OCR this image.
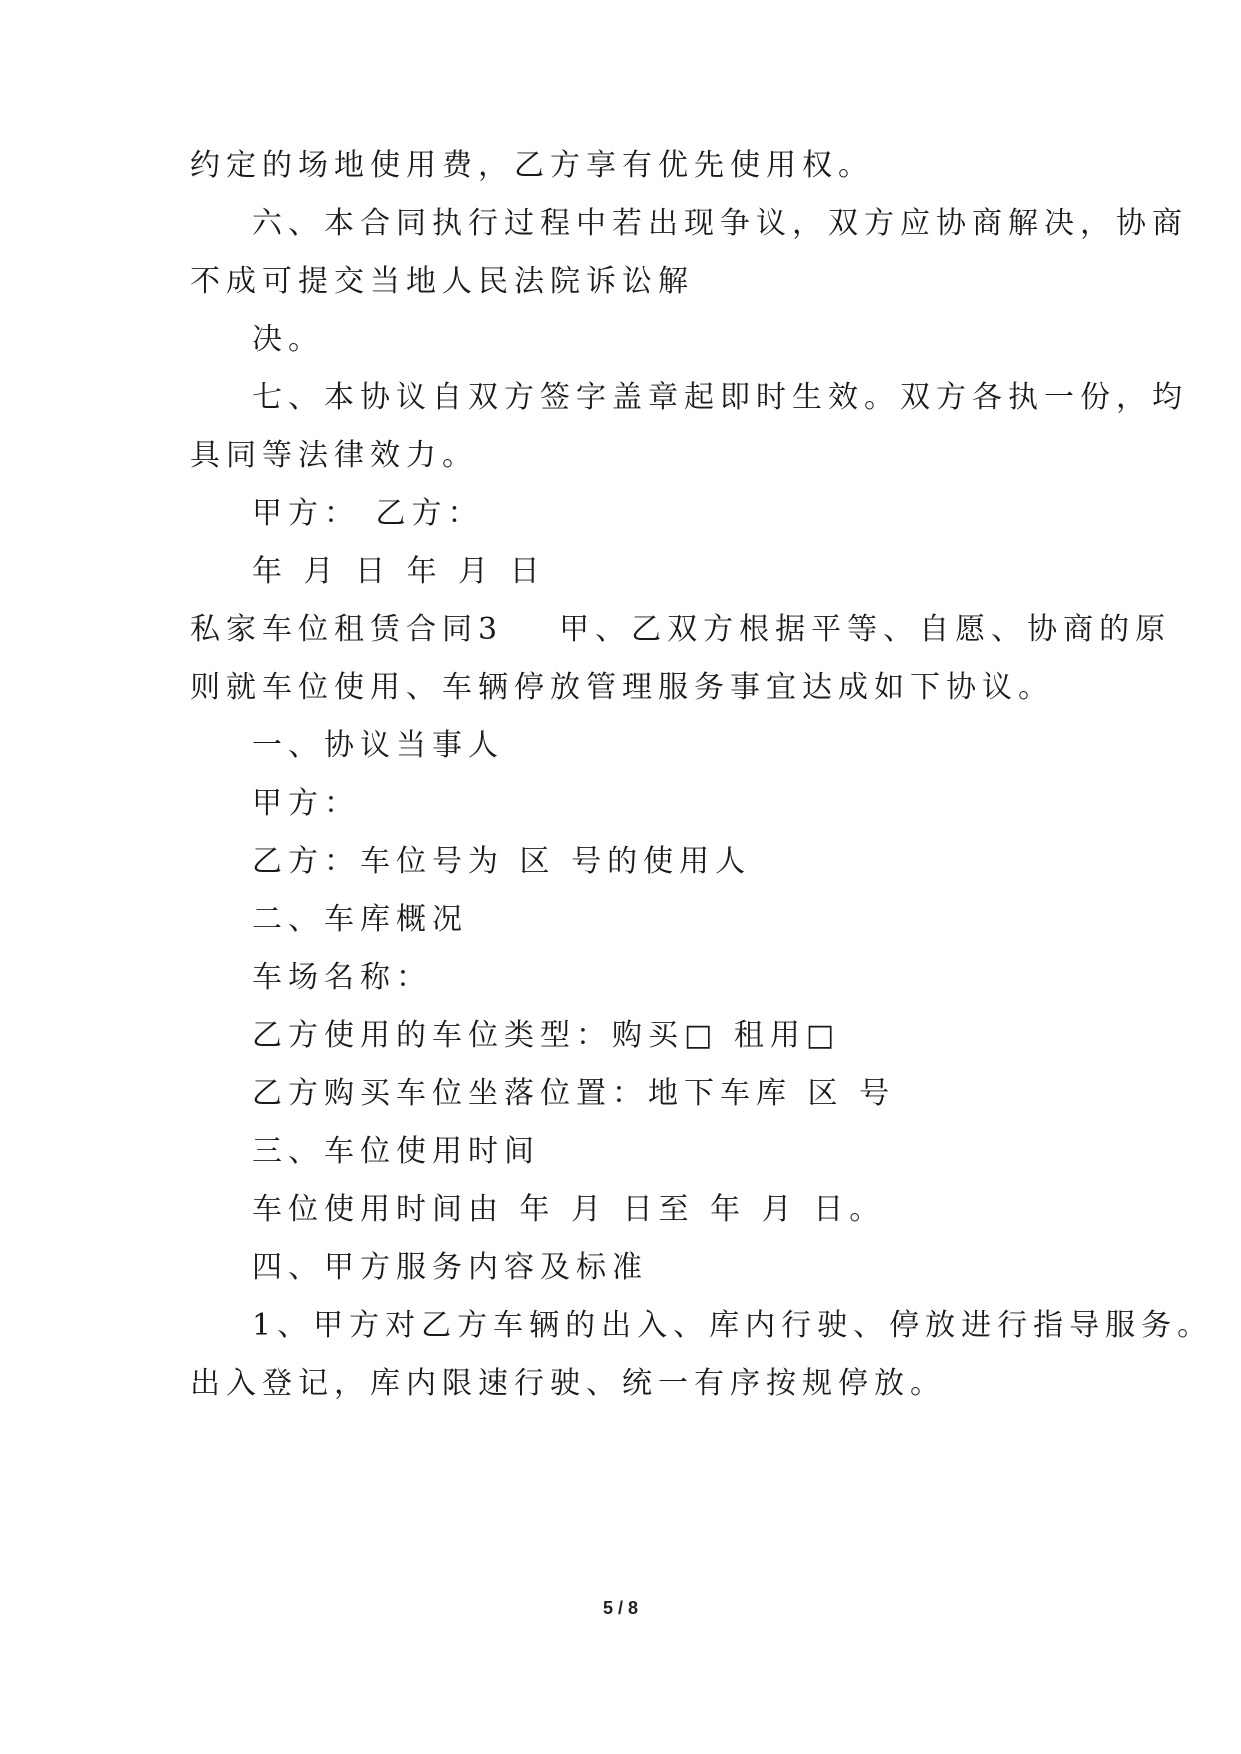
约定的场地使用费，乙方享有优先使用权。
六、本合同执行过程中若出现争议，双方应协商解决，协商
不成可提交当地人民法院诉讼解
决。
七、本协议自双方签字盖章起即时生效。双方各执一份，均
具同等法律效力。
甲方： 乙方：
年 月 日 年 月 日
私家车位租赁合同3 甲、乙双方根据平等、自愿、协商的原
则就车位使用、车辆停放管理服务事宜达成如下协议。
一、协议当事人
甲方：
乙方：车位号为 区 号的使用人
二、车库概况
车场名称：
乙方使用的车位类型：购买□ 租用□
乙方购买车位坐落位置：地下车库 区 号
三、车位使用时间
车位使用时间由 年 月 日至 年 月 日。
四、甲方服务内容及标准
1、甲方对乙方车辆的出入、库内行驶、停放进行指导服务。
出入登记，库内限速行驶、统一有序按规停放。
5 / 8
